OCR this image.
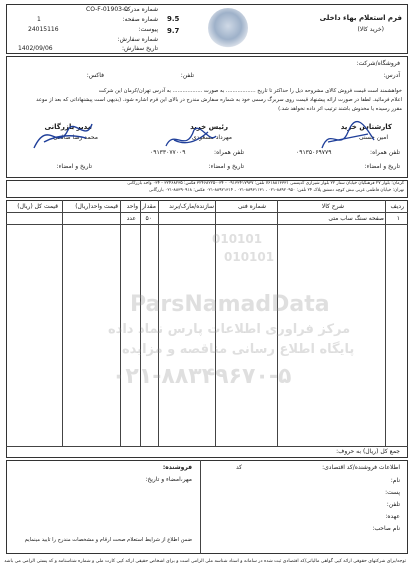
9.5
9.7
فرم استعلام بهاء داخلی
(خرید کالا)
شماره مدرک:
CO-F-01903-0
شماره صفحه:
1
پیوست:
24015116
شماره سفارش:
تاریخ سفارش:
1402/09/06
فروشگاه/شرکت:
آدرس:
تلفن:
فاکس:
خواهشمند است قیمت فروش کالای مشروحه ذیل را حداکثر تا تاریخ .................. به صورت .................. به آدرس تهران/کرمان این شرکت
اعلام فرمائید. لطفا در صورت ارائه پیشنهاد قیمت روی سربرگ رسمی خود به شماره سفارش مندرج در بالای این فرم اشاره شود. (بدیهی است پیشنهاداتی که بعد از موعد
مقرر رسیده یا مخدوش باشند ترتیب اثر داده نخواهد شد.)
کارشناس خرید
امین حسنی
تلفن همراه:
۰۹۱۳۵۰۶۹۷۷۹
تاریخ و امضاء:
رئیس خرید
مهرداد مسعودی
تلفن همراه:
۰۹۱۳۳۰۷۷۰۰۹
تاریخ و امضاء:
مدیر بازرگانی
محمد رضا صالحی
تاریخ و امضاء:
کرمان: بلوار ۲۷ فرهنگیان خیابان ستار ۲۲ بلوار شیرازی کدپستی ۷۶۱۸۸۱۳۳۳۱ تلفن: ۰۹۱۳۳۴۱۷۹۳۷ - ۰۳۴-۳۲۴۶۸۲۲۵ فکس: ۳۲۴۶۸۲۳۵ - ۰۳۴ واحد بازرگانی
تهران: خیابان فاطمی غربی نبش کوچه دمشق پلاک ۲۴ تلفن: ۸۸۹۲۰۹۵۰-۰۲۱ ، ۸۸۹۳۱۱۳۱-۰۲۱ ، ۸۸۹۲۱۳۱۴-۰۲۱ فکس: ۸۸۳۹۰۹۱۸-۰۲۱ بازرگانی
ردیف
شرح کالا
شماره فنی
سازنده/مارک/برند
مقدار
واحد
قیمت واحد(ریال)
قیمت کل (ریال)
۱
صفحه سنگ ساب متی
۵۰
عدد
جمع کل (ریال) به حروف:
010101
010101
ParsNamadData
مرکز فراوری اطلاعات پارس نماد داده
پایگاه اطلاع رسانی مناقصه و مزایده
۰۲۱-۸۸۳۴۹۶۷۰-۵
اطلاعات فروشنده/کد اقتصادی:
کد
نام:
پست:
تلفن:
عهده:
نام صاحب:
فروشنده:
مهر،امضاء و تاریخ:
ضمن اطلاع از شرایط استعلام صحت ارقام و مشخصات مندرج را تایید مینمایم
توجه/برای شرکتهای حقوقی ارائه کپی گواهی مالیاتی/کد اقتصادی ثبت شده در سامانه و اسناد شناسه ملی الزامی است و برای اشخاص حقیقی ارائه کپی کارت ملی و شماره شناسنامه و کد پستی الزامی می باشد
